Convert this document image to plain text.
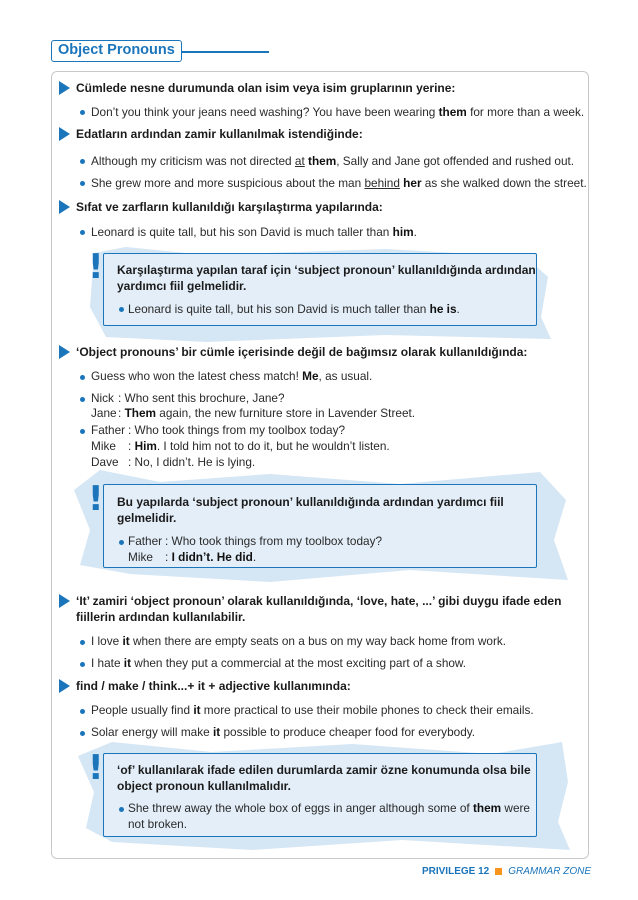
Object Pronouns
Cümlede nesne durumunda olan isim veya isim gruplarının yerine:
Don’t you think your jeans need washing? You have been wearing them for more than a week.
Edatların ardından zamir kullanılmak istendiğinde:
Although my criticism was not directed at them, Sally and Jane got offended and rushed out.
She grew more and more suspicious about the man behind her as she walked down the street.
Sıfat ve zarfların kullanıldığı karşılaştırma yapılarında:
Leonard is quite tall, but his son David is much taller than him.
! Karşılaştırma yapılan taraf için ‘subject pronoun’ kullanıldığında ardından
yardımcı fiil gelmelidir.
Leonard is quite tall, but his son David is much taller than he is.
‘Object pronouns’ bir cümle içerisinde değil de bağımsız olarak kullanıldığında:
Guess who won the latest chess match! Me, as usual.
Nick : Who sent this brochure, Jane?
Jane : Them again, the new furniture store in Lavender Street.
Father : Who took things from my toolbox today?
Mike : Him. I told him not to do it, but he wouldn’t listen.
Dave : No, I didn’t. He is lying.
! Bu yapılarda ‘subject pronoun’ kullanıldığında ardından yardımcı fiil
gelmelidir.
Father : Who took things from my toolbox today?
Mike : I didn’t. He did.
‘It’ zamiri ‘object pronoun’ olarak kullanıldığında, ‘love, hate, ...’ gibi duygu ifade eden
fiillerin ardından kullanılabilir.
I love it when there are empty seats on a bus on my way back home from work.
I hate it when they put a commercial at the most exciting part of a show.
find / make / think...+ it + adjective kullanımında:
People usually find it more practical to use their mobile phones to check their emails.
Solar energy will make it possible to produce cheaper food for everybody.
! ‘of’ kullanılarak ifade edilen durumlarda zamir özne konumunda olsa bile
object pronoun kullanılmalıdır.
She threw away the whole box of eggs in anger although some of them were
not broken.
PRIVILEGE 12 GRAMMAR ZONE
